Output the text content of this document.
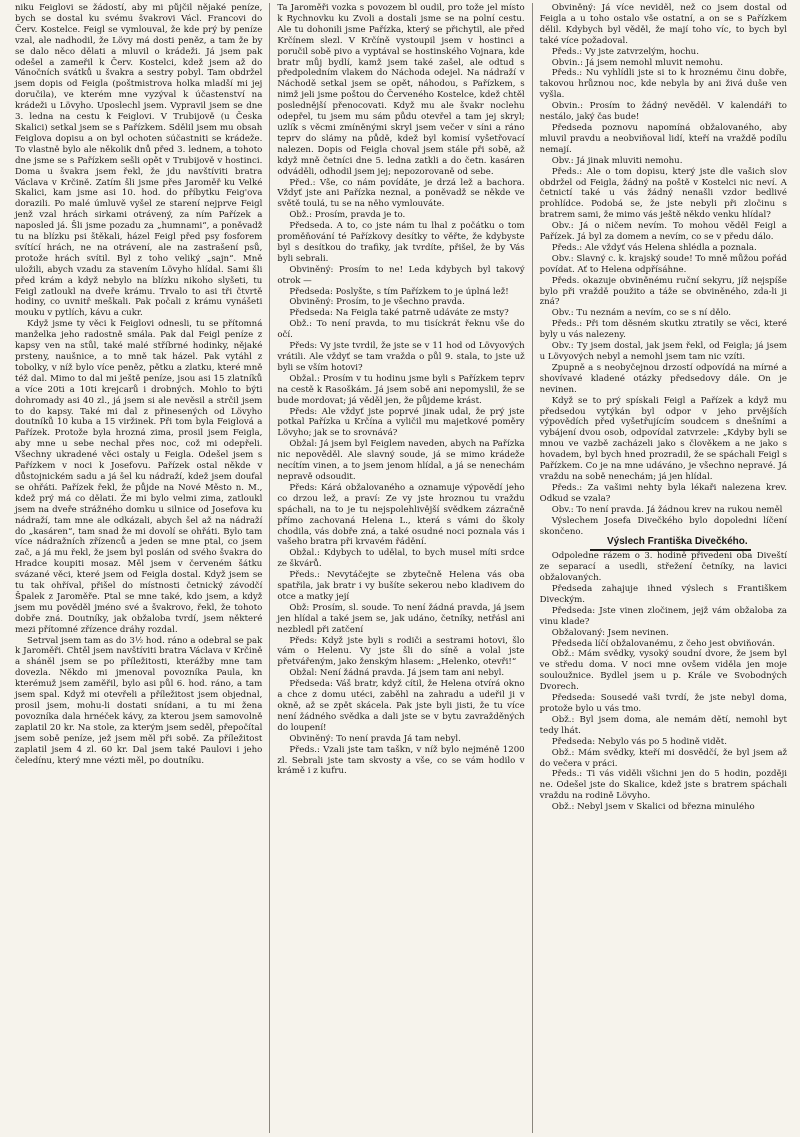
niku Feiglovi se žádostí, aby mi půjčil nějaké peníze, bych se dostal ku svému švakrovi Václ. Francovi do Červ. Kostelce. Feigl se vymlouval, že kde prý by peníze vzal, ale nadhodil, že Lövy má dosti peněz, a tam že by se dalo něco dělati a mluvil o krádeži. Já jsem pak odešel a zameřil k Červ. Kostelci, kdež jsem až do Vánočních svátků u švakra a sestry pobyl. Tam obdržel jsem dopis od Feigla (poštmistrova holka mladší mi jej doručila), ve kterém mne vyzýval k účastenství na krádeži u Lövyho. Uposlechl jsem. Vypravil jsem se dne 3. ledna na cestu k Feiglovi. V Trubijově (u Česka Skalici) setkal jsem se s Pařízkem. Sdělil jsem mu obsah Feiglova dopisu a on byl ochoten súčastniti se krádeže. To vlastně bylo ale několik dnů před 3. lednem, a tohoto dne jsme se s Pařízkem sešli opět v Trubijově v hostinci. Doma u švakra jsem řekl, že jdu navštíviti bratra Václava v Krčině. Zatím šli jsme přes Jaroměř ku Velké Skalici, kam jsme asi 10. hod. do příbytku Feig'ova dorazili. Po malé úmluvě vyšel ze starení nejprve Feigl jenž vzal hrách sirkami otrávený, za ním Pařízek a naposled já. Šli jsme pozadu za „humnami“, a poněvadž tu na blízku psi štěkali, házel Feigl před psy fosforem svítící hrách, ne na otrávení, ale na zastrašení psů, protože hrách svítil. Byl z toho veliký „sajn“. Mně uložili, abych vzadu za stavením Lövyho hlídal. Sami šli před krám a když nebylo na blízku nikoho slyšeti, tu Feigl zatloukl na dveře krámu. Trvalo to asi tři čtvrtě hodiny, co uvnitř meškali. Pak počali z krámu vynášeti mouku v pytlích, kávu a cukr.

Když jsme ty věci k Feiglovi odnesli, tu se přítomná manželka jeho radostně smála. Pak dal Feigl peníze z kapsy ven na stůl, také malé stříbrné hodinky, nějaké prsteny, naušnice, a to mně tak házel. Pak vytáhl z tobolky, v níž bylo více peněz, pětku a zlatku, které mně též dal. Mimo to dal mi ještě peníze, jsou asi 15 zlatníků a více 20ti a 10ti krejcarů i drobných. Mohlo to býti dohromady asi 40 zl., já jsem si ale nevěsil a strčil jsem to do kapsy. Také mi dal z přinesených od Lövyho doutníků 10 kuba a 15 viržinek. Při tom byla Feiglová a Pařízek. Protože byla hrozná zima, prosil jsem Feigla, aby mne u sebe nechal přes noc, což mi odepřeli. Všechny ukradené věci ostaly u Feigla. Odešel jsem s Pařízkem v noci k Josefovu. Pařízek ostal někde v důstojnickém sadu a já šel ku nádraží, kdež jsem doufal se ohřáti. Pařízek řekl, že půjde na Nové Město n. M., kdež prý má co dělati. Že mi bylo velmi zima, zatloukl jsem na dveře strážného domku u silnice od Josefova ku nádraží, tam mne ale odkázali, abych šel až na nádraží do „kasáren“, tam snad že mi dovolí se ohřáti. Bylo tam více nádražních zřízenců a jeden se mne ptal, co jsem zač, a já mu řekl, že jsem byl poslán od svého švakra do Hradce koupiti mosaz. Měl jsem v červeném šátku svázané věci, které jsem od Feigla dostal. Když jsem se tu tak ohříval, přišel do místnosti četnický závodčí Špalek z Jaroměře. Ptal se mne také, kdo jsem, a když jsem mu pověděl jméno své a švakrovo, řekl, že tohoto dobře zná. Doutníky, jak obžaloba tvrdí, jsem některé mezi přítomné zřízence dráhy rozdal.

Setrval jsem tam as do 3½ hod. ráno a odebral se pak k Jaroměři. Chtěl jsem navštíviti bratra Václava v Krčině a sháněl jsem se po příležitosti, kterážby mne tam dovezla. Někdo mi jmenoval povozníka Paula, kn kterémuž jsem zaměřil, bylo asi půl 6. hod. ráno, a tam jsem spal. Když mi otevřeli a příležitost jsem objednal, prosil jsem, mohu-li dostati snídani, a tu mi žena povozníka dala hrnéček kávy, za kterou jsem samovolně zaplatil 20 kr. Na stole, za kterým jsem seděl, přepočítal jsem sobě peníze, jež jsem měl při sobě. Za příležitost zaplatil jsem 4 zl. 60 kr. Dal jsem také Paulovi i jeho čeledínu, který mne vézti měl, po doutníku.

Ta Jaroměři vozka s povozem bl oudil, pro tože jel místo k Rychnovku ku Zvoli a dostali jsme se na polní cestu. Ale tu dohonili jsme Pařízka, který se přichytil, ale před Krčínem slezl. V Krčíně vystoupil jsem v hostinci a poručil sobě pivo a vyptával se hostinského Vojnara, kde bratr můj bydlí, kamž jsem také zašel, ale odtud s předpoledním vlakem do Náchoda odejel. Na nádraží v Náchodě setkal jsem se opět, náhodou, s Pařízkem, s nimž jeli jsme poštou do Červeného Kostelce, kdež chtěl poslednější přenocovati. Když mu ale švakr noclehu odepřel, tu jsem mu sám půdu otevřel a tam jej skryl; uzlík s věcmi zmíněnými skryl jsem večer v síni a ráno teprv do slámy na půdě, kdež byl komisí vyšetřovací nalezen. Dopis od Feigla choval jsem stále při sobě, až když mně četníci dne 5. ledna zatkli a do četn. kasáren odváděli, odhodil jsem jej; nepozorovaně od sebe.

Před.: Vše, co nám povídáte, je drzá lež a bachora. Vždyť jste ani Pařízka neznal, a poněvadž se někde ve světě toulá, tu se na něho vymlouváte.

Obž.: Prosím, pravda je to.

Předseda. A to, co jste nám tu lhal z počátku o tom proměňování té Pařízkovy desítky to věřte, že kdybyste byl s desítkou do trafiky, jak tvrdíte, přišel, že by Vás byli sebrali.

Obviněný: Prosím to ne! Leda kdybych byl takový otrok —

Předseda: Poslyšte, s tím Pařízkem to je úplná lež!

Obviněný: Prosím, to je všechno pravda.

Předseda: Na Feigla také patrně udáváte ze msty?

Obž.: To není pravda, to mu tisíckrát řeknu vše do očí.

Předs: Vy jste tvrdil, že jste se v 11 hod od Lövyových vrátili. Ale vždyť se tam vražda o půl 9. stala, to jste už byli se vším hotovi?

Obžal.: Prosím v tu hodinu jsme byli s Pařízkem teprv na cestě k Rasoškám. Já jsem sobě ani nepomyslil, že se bude mordovat; já věděl jen, že půjdeme krást.

Předs: Ale vždyť jste poprvé jinak udal, že prý jste potkal Pařízka u Krčína a vyličil mu majetkové poměry Lövyho; jak se to srovnává?

Obžal: Já jsem byl Feiglem naveden, abych na Pařízka nic nepověděl. Ale slavný soude, já se mimo krádeže necítím vinen, a to jsem jenom hlídal, a já se nenechám nepravě odsoudit.

Předs: Kárá obžalovaného a oznamuje výpovědí jeho co drzou lež, a praví: Ze vy jste hroznou tu vraždu spáchali, na to je tu nejspolehlivější svědkem zázračně přímo zachovaná Helena L., která s vámi do školy chodila, vás dobře zná, a také osudné noci poznala vás i vašeho bratra při krvavém řádění.

Obžal.: Kdybych to udělal, to bych musel míti srdce ze škvárů.

Předs.: Nevytáčejte se zbytečně Helena vás oba spatřila, jak bratr i vy bušíte sekerou nebo kladivem do otce a matky její

Obž: Prosím, sl. soude. To není žádná pravda, já jsem jen hlídal a také jsem se, jak udáno, četníky, netřásl ani nezbledl při zatčení

Předs: Když jste byli s rodiči a sestrami hotovi, šlo vám o Helenu. Vy jste šli do síně a volal jste přetvářeným, jako ženským hlasem: „Helenko, otevři!“

Obžal: Není žádná pravda. Já jsem tam ani nebyl.

Předseda: Váš bratr, když cítil, že Helena otvírá okno a chce z domu utéci, zaběhl na zahradu a udeřil ji v okně, až se zpět skácela. Pak jste byli jisti, že tu více není žádného svědka a dali jste se v bytu zavražděných do loupení!

Obviněný: To není pravda Já tam nebyl.

Předs.: Vzali jste tam taškn, v níž bylo nejméně 1200 zl. Sebrali jste tam skvosty a vše, co se vám hodilo v krámě i z kufru.

Obviněný: Já více neviděl, než co jsem dostal od Feigla a u toho ostalo vše ostatní, a on se s Pařízkem dělil. Kdybych byl věděl, že mají toho víc, to bych byl také více požadoval.

Předs.: Vy jste zatvrzelým, hochu.

Obvin.: Já jsem nemohl mluvit nemohu.

Předs.: Nu vyhlídli jste si to k hroznému činu dobře, takovou hrůznou noc, kde nebyla by ani živá duše ven vyšla.

Obvin.: Prosím to žádný nevěděl. V kalendáři to nestálo, jaký čas bude!

Předseda poznovu napomíná obžalovaného, aby mluvil pravdu a neobviňoval lidí, kteří na vraždě podílu nemají.

Obv.: Já jinak mluviti nemohu.

Předs.: Ale o tom dopisu, který jste dle vašich slov obdržel od Feigla, žádný na poště v Kostelci nic neví. A četnictí také u vás žádný nenašli vzdor bedlivé prohlídce. Podobá se, že jste nebyli při zločinu s bratrem sami, že mimo vás ještě někdo venku hlídal?

Obv.: Já o ničem nevím. To mohou věděl Feigl a Pařízek. Já byl za domem a nevím, co se v předu dálo.

Předs.: Ale vždyť vás Helena shlédla a poznala.

Obv.: Slavný c. k. krajský soude! To mně můžou pořád povídat. Ať to Helena odpřísáhne.

Předs. okazuje obviněnému ruční sekyru, jíž nejspíše bylo při vraždě použito a táže se obviněného, zda-li ji zná?

Obv.: Tu neznám a nevím, co se s ní dělo.

Předs.: Při tom děsném skutku ztratily se věci, které byly u vás nalezeny.

Obv.: Ty jsem dostal, jak jsem řekl, od Feigla; já jsem u Lövyových nebyl a nemohl jsem tam nic vzíti.

Zpupně a s neobyčejnou drzostí odpovídá na mírné a shovívavé kladené otázky předsedovy dále. On je nevinen.

Když se to prý spískali Feigl a Pařízek a když mu předsedou vytýkán byl odpor v jeho prvějších výpovědích před vyšetřujícím soudcem s dnešními a vybájení dvou osob, odpovídal zatvrzele: „Kdyby byli se mnou ve vazbě zacházeli jako s člověkem a ne jako s hovadem, byl bych hned prozradil, že se spáchali Feigl s Pařízkem. Co je na mne udáváno, je všechno nepravé. Já vraždu na sobě nenechám; já jen hlídal.

Předs.: Za vašimi nehty byla lékaři nalezena krev. Odkud se vzala?

Obv.: To není pravda. Já žádnou krev na rukou neměl

Výslechem Josefa Divečkého bylo dopoledni líčení skončeno.

Výslech Františka Divečkého.

Odpoledne rázem o 3. hodině přivedeni oba Diveští ze separací a usedli, střežení četníky, na lavici obžalovaných.

Předseda zahajuje ihned výslech s Františkem Diveckým.

Předseda: Jste vinen zločinem, jejž vám obžaloba za vinu klade?

Obžalovaný: Jsem nevinen.

Předseda líčí obžalovanému, z čeho jest obviňován.

Obž.: Mám svědky, vysoký soudní dvore, že jsem byl ve středu doma. V noci mne ovšem viděla jen moje souloužnice. Bydlel jsem u p. Krále ve Svobodných Dvorech.

Předseda: Sousedé vaši tvrdí, že jste nebyl doma, protože bylo u vás tmo.

Obž.: Byl jsem doma, ale nemám dětí, nemohl byt tedy lhát.

Předseda: Nebylo vás po 5 hodině vidět.

Obž.: Mám svědky, kteří mi dosvědčí, že byl jsem až do večera v práci.

Předs.: Ti vás viděli všichni jen do 5 hodin, později ne. Odešel jste do Skalice, kdež jste s bratrem spáchali vraždu na rodině Lövyho.

Obž.: Nebyl jsem v Skalici od března minulého
